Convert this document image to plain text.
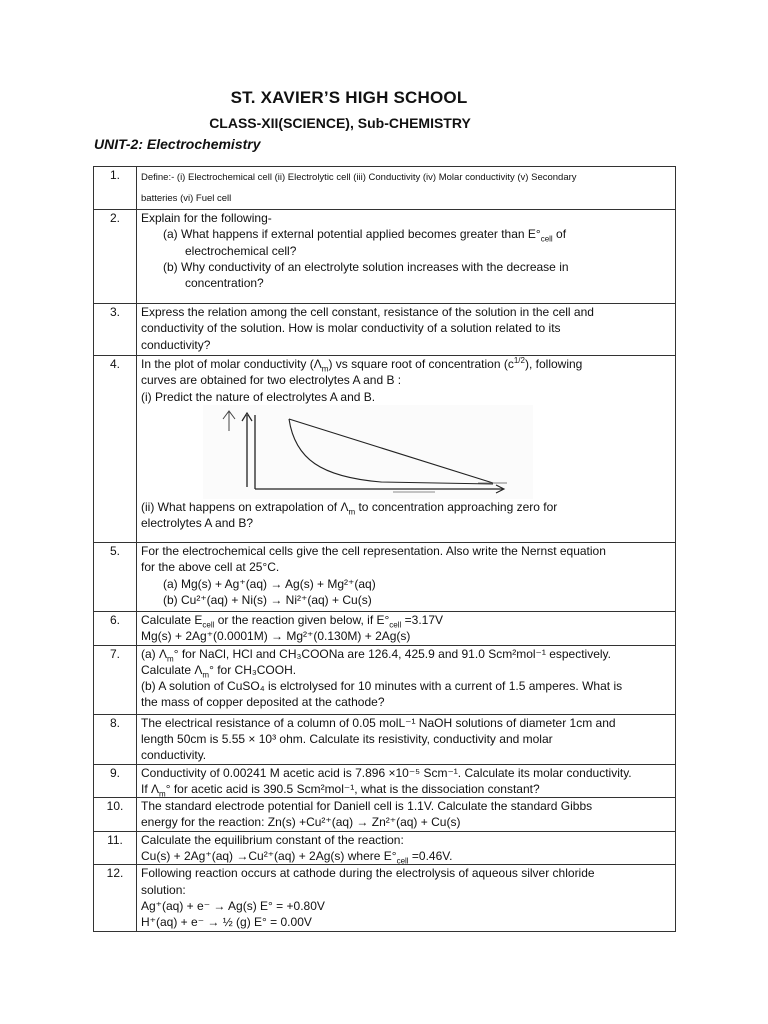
ST. XAVIER’S HIGH SCHOOL
CLASS-XII(SCIENCE), Sub-CHEMISTRY
UNIT-2: Electrochemistry
1.	Define:- (i) Electrochemical cell (ii) Electrolytic cell (iii) Conductivity (iv) Molar conductivity (v) Secondary
batteries (vi) Fuel cell

2.	Explain for the following-
(a) What happens if external potential applied becomes greater than $E^\circ_{cell}$ of
electrochemical cell?
(b) Why conductivity of an electrolyte solution increases with the decrease in
concentration?

3.	Express the relation among the cell constant, resistance of the solution in the cell and
conductivity of the solution. How is molar conductivity of a solution related to its
conductivity?

4.	In the plot of molar conductivity $(\Lambda_m)$ vs square root of concentration $(c^{1/2})$, following
curves are obtained for two electrolytes A and B :
(i) Predict the nature of electrolytes A and B.
(ii) What happens on extrapolation of $\Lambda_m$ to concentration approaching zero for
electrolytes A and B?

5.	For the electrochemical cells give the cell representation. Also write the Nernst equation
for the above cell at 25°C.
(a) Mg(s) + Ag⁺(aq) → Ag(s) + Mg²⁺(aq)
(b) Cu²⁺(aq) + Ni(s) → Ni²⁺(aq) + Cu(s)

6.	Calculate $E_{cell}$ or the reaction given below, if $E^\circ_{cell} =3.17V$
Mg(s) + 2Ag⁺(0.0001M) → Mg²⁺(0.130M) + 2Ag(s)

7.	(a) $\Lambda_m^\circ$ for NaCl, HCl and CH₃COONa are 126.4, 425.9 and 91.0 Scm²mol⁻¹ espectively.
Calculate $\Lambda_m^\circ$ for CH₃COOH.
(b) A solution of CuSO₄ is elctrolysed for 10 minutes with a current of 1.5 amperes. What is
the mass of copper deposited at the cathode?

8.	The electrical resistance of a column of 0.05 molL⁻¹ NaOH solutions of diameter 1cm and
length 50cm is 5.55 × 10³ ohm. Calculate its resistivity, conductivity and molar
conductivity.

9.	Conductivity of 0.00241 M acetic acid is 7.896 ×10⁻⁵ Scm⁻¹. Calculate its molar conductivity.
If $\Lambda_m^\circ$ for acetic acid is 390.5 Scm²mol⁻¹, what is the dissociation constant?

10.	The standard electrode potential for Daniell cell is 1.1V. Calculate the standard Gibbs
energy for the reaction: Zn(s) +Cu²⁺(aq) → Zn²⁺(aq) + Cu(s)

11.	Calculate the equilibrium constant of the reaction:
Cu(s) + 2Ag⁺(aq) →Cu²⁺(aq) + 2Ag(s) where $E^\circ_{cell} =0.46V$.

12.	Following reaction occurs at cathode during the electrolysis of aqueous silver chloride
solution:
Ag⁺(aq) + e⁻ → Ag(s) E° = +0.80V
H⁺(aq) + e⁻ → ½ (g) E° = 0.00V
